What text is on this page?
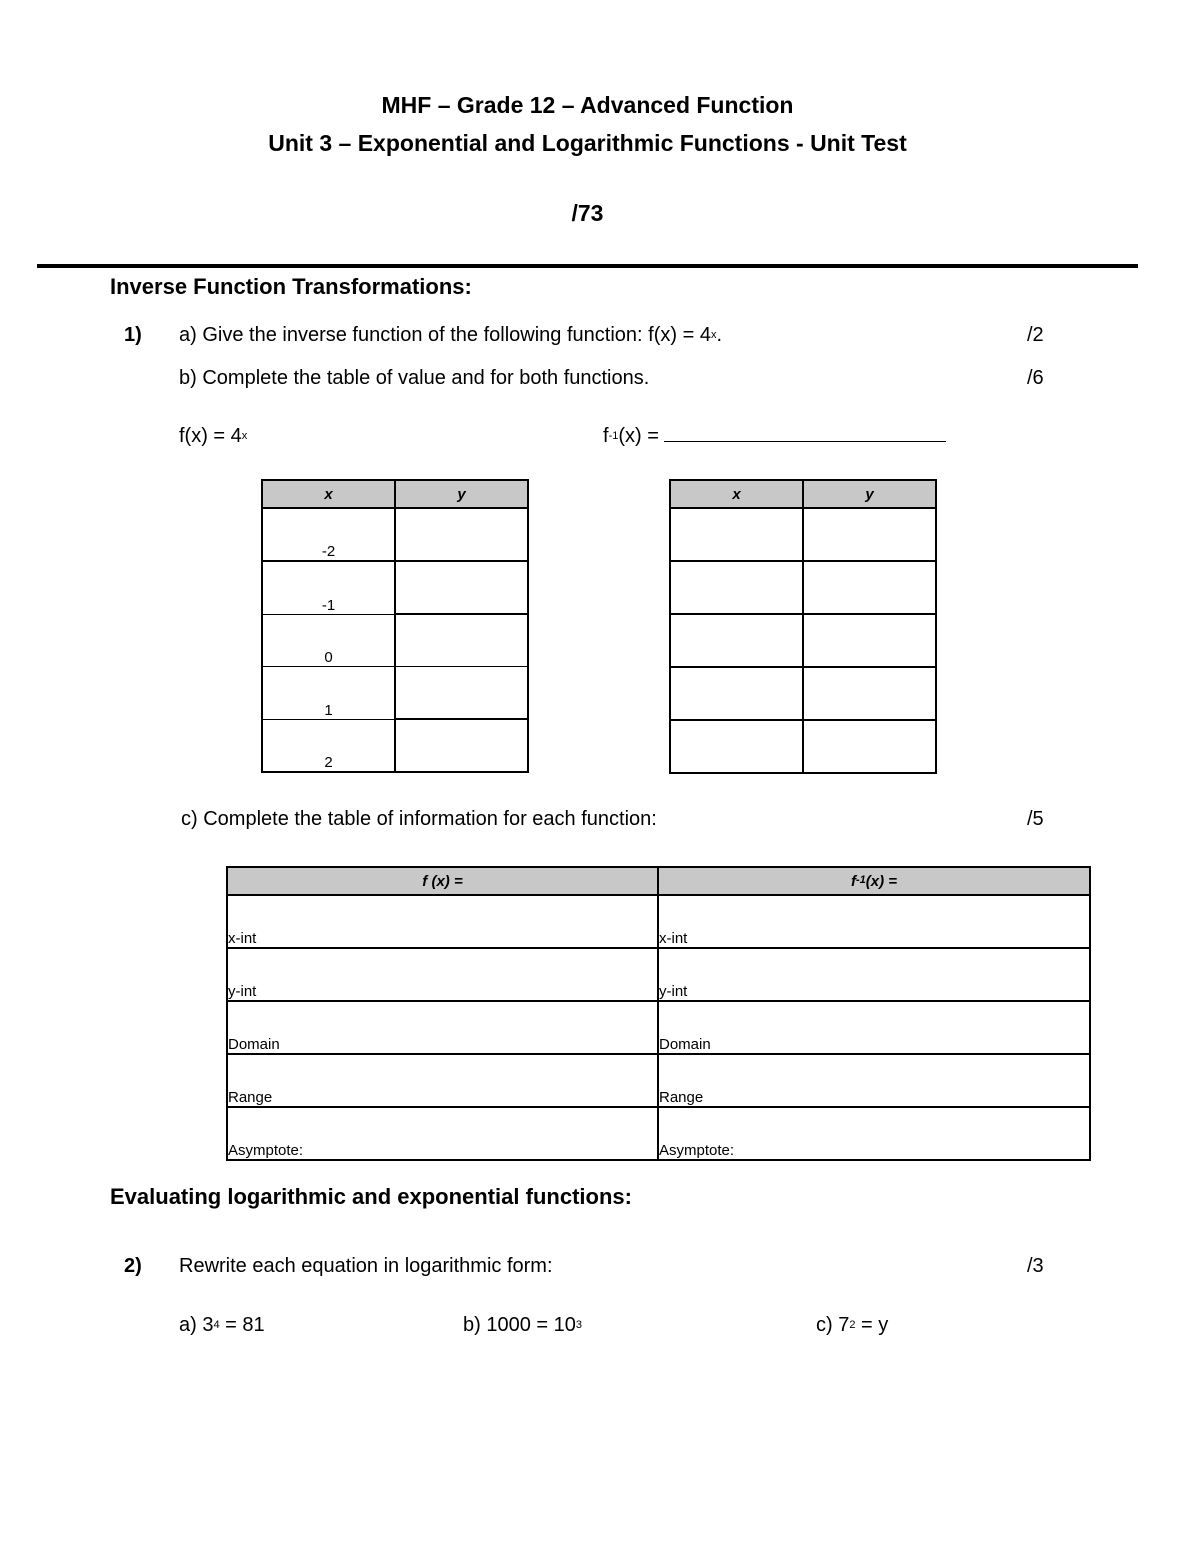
MHF – Grade 12 – Advanced Function
Unit 3 – Exponential and Logarithmic Functions - Unit Test
/73
Inverse Function Transformations:
1) a) Give the inverse function of the following function: $f(x) = 4^x$.	/2
b) Complete the table of value and for both functions.	/6
$f(x) = 4^x$	$f^{-1}(x)$ =
x	y
-2	
-1	
0	
1	
2	
x	y

c) Complete the table of information for each function:	/5
f (x) =	$f^{-1}(x)$ =
x-int	x-int
y-int	y-int
Domain	Domain
Range	Range
Asymptote:	Asymptote:
Evaluating logarithmic and exponential functions:
2) Rewrite each equation in logarithmic form:	/3
a) $3^4 = 81$	b) $1000 = 10^3$	c) $7^2 = y$
